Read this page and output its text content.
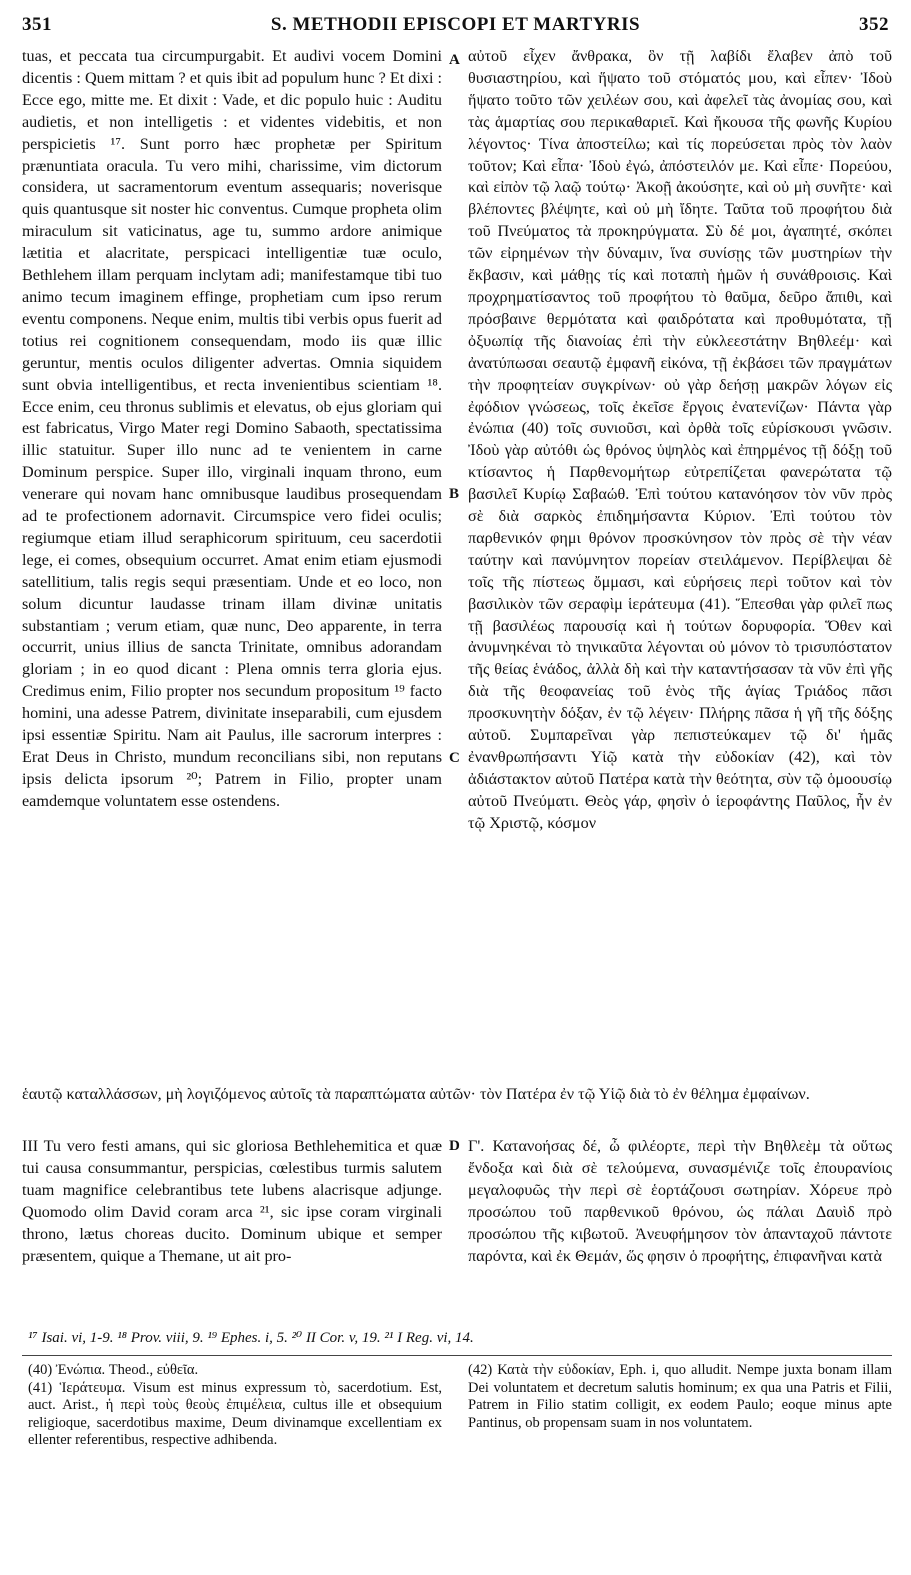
351	S. METHODII EPISCOPI ET MARTYRIS	352
A
B
C
D

tuas, et peccata tua circumpurgabit. Et audivi vocem Domini dicentis : Quem mittam ? et quis ibit ad populum hunc ? Et dixi : Ecce ego, mitte me. Et dixit : Vade, et dic populo huic : Auditu audietis, et non intelligetis : et videntes videbitis, et non perspicietis ¹⁷. Sunt porro hæc prophetæ per Spiritum prænuntiata oracula. Tu vero mihi, charissime, vim dictorum considera, ut sacramentorum eventum assequaris; noverisque quis quantusque sit noster hic conventus. Cumque propheta olim miraculum sit vaticinatus, age tu, summo ardore animique lætitia et alacritate, perspicaci intelligentiæ tuæ oculo, Bethlehem illam perquam inclytam adi; manifestamque tibi tuo animo tecum imaginem effinge, prophetiam cum ipso rerum eventu componens. Neque enim, multis tibi verbis opus fuerit ad totius rei cognitionem consequendam, modo iis quæ illic geruntur, mentis oculos diligenter advertas. Omnia siquidem sunt obvia intelligentibus, et recta invenientibus scientiam ¹⁸. Ecce enim, ceu thronus sublimis et elevatus, ob ejus gloriam qui est fabricatus, Virgo Mater regi Domino Sabaoth, spectatissima illic statuitur. Super illo nunc ad te venientem in carne Dominum perspice. Super illo, virginali inquam throno, eum venerare qui novam hanc omnibusque laudibus prosequendam ad te profectionem adornavit. Circumspice vero fidei oculis; regiumque etiam illud seraphicorum spirituum, ceu sacerdotii lege, ei comes, obsequium occurret. Amat enim etiam ejusmodi satellitium, talis regis sequi præsentiam. Unde et eo loco, non solum dicuntur laudasse trinam illam divinæ unitatis substantiam ; verum etiam, quæ nunc, Deo apparente, in terra occurrit, unius illius de sancta Trinitate, omnibus adorandam gloriam ; in eo quod dicant : Plena omnis terra gloria ejus. Credimus enim, Filio propter nos secundum propositum ¹⁹ facto homini, una adesse Patrem, divinitate inseparabili, cum ejusdem ipsi essentiæ Spiritu. Nam ait Paulus, ille sacrorum interpres : Erat Deus in Christo, mundum reconcilians sibi, non reputans ipsis delicta ipsorum ²⁰; Patrem in Filio, propter unam eamdemque voluntatem esse ostendens.

αὐτοῦ εἶχεν ἄνθρακα, ὃν τῇ λαβίδι ἔλαβεν ἀπὸ τοῦ θυσιαστηρίου, καὶ ἥψατο τοῦ στόματός μου, καὶ εἶπεν· Ἰδοὺ ἥψατο τοῦτο τῶν χειλέων σου, καὶ ἀφελεῖ τὰς ἀνομίας σου, καὶ τὰς ἁμαρτίας σου περικαθαριεῖ. Καὶ ἤκουσα τῆς φωνῆς Κυρίου λέγοντος· Τίνα ἀποστείλω; καὶ τίς πορεύσεται πρὸς τὸν λαὸν τοῦτον; Καὶ εἶπα· Ἰδοὺ ἐγώ, ἀπόστειλόν με. Καὶ εἶπε· Πορεύου, καὶ εἰπὸν τῷ λαῷ τούτῳ· Ἀκοῇ ἀκούσητε, καὶ οὐ μὴ συνῆτε· καὶ βλέποντες βλέψητε, καὶ οὐ μὴ ἴδητε. Ταῦτα τοῦ προφήτου διὰ τοῦ Πνεύματος τὰ προκηρύγματα. Σὺ δέ μοι, ἀγαπητέ, σκόπει τῶν εἰρημένων τὴν δύναμιν, ἵνα συνίσῃς τῶν μυστηρίων τὴν ἔκβασιν, καὶ μάθῃς τίς καὶ ποταπὴ ἡμῶν ἡ συνάθροισις. Καὶ προχρηματίσαντος τοῦ προφήτου τὸ θαῦμα, δεῦρο ἄπιθι, καὶ πρόσβαινε θερμότατα καὶ φαιδρότατα καὶ προθυμότατα, τῇ ὀξυωπίᾳ τῆς διανοίας ἐπὶ τὴν εὐκλεεστάτην Βηθλεέμ· καὶ ἀνατύπωσαι σεαυτῷ ἐμφανῆ εἰκόνα, τῇ ἐκβάσει τῶν πραγμάτων τὴν προφητείαν συγκρίνων· οὐ γὰρ δεήσῃ μακρῶν λόγων εἰς ἐφόδιον γνώσεως, τοῖς ἐκεῖσε ἔργοις ἐνατενίζων· Πάντα γὰρ ἐνώπια (40) τοῖς συνιοῦσι, καὶ ὀρθὰ τοῖς εὑρίσκουσι γνῶσιν. Ἰδοὺ γὰρ αὐτόθι ὡς θρόνος ὑψηλὸς καὶ ἐπηρμένος τῇ δόξῃ τοῦ κτίσαντος ἡ Παρθενομήτωρ εὐτρεπίζεται φανερώτατα τῷ βασιλεῖ Κυρίῳ Σαβαώθ. Ἐπὶ τούτου κατανόησον τὸν νῦν πρὸς σὲ διὰ σαρκὸς ἐπιδημήσαντα Κύριον. Ἐπὶ τούτου τὸν παρθενικόν φημι θρόνον προσκύνησον τὸν πρὸς σὲ τὴν νέαν ταύτην καὶ πανύμνητον πορείαν στειλάμενον. Περίβλεψαι δὲ τοῖς τῆς πίστεως ὄμμασι, καὶ εὑρήσεις περὶ τοῦτον καὶ τὸν βασιλικὸν τῶν σεραφὶμ ἱεράτευμα (41). Ἕπεσθαι γὰρ φιλεῖ πως τῇ βασιλέως παρουσίᾳ καὶ ἡ τούτων δορυφορία. Ὅθεν καὶ ἀνυμνηκέναι τὸ τηνικαῦτα λέγονται οὐ μόνον τὸ τρισυπόστατον τῆς θείας ἑνάδος, ἀλλὰ δὴ καὶ τὴν καταντήσασαν τὰ νῦν ἐπὶ γῆς διὰ τῆς θεοφανείας τοῦ ἑνὸς τῆς ἁγίας Τριάδος πᾶσι προσκυνητὴν δόξαν, ἐν τῷ λέγειν· Πλήρης πᾶσα ἡ γῆ τῆς δόξης αὐτοῦ. Συμπαρεῖναι γὰρ πεπιστεύκαμεν τῷ δι' ἡμᾶς ἐνανθρωπήσαντι Υἱῷ κατὰ τὴν εὐδοκίαν (42), καὶ τὸν ἀδιάστακτον αὐτοῦ Πατέρα κατὰ τὴν θεότητα, σὺν τῷ ὁμοουσίῳ αὐτοῦ Πνεύματι. Θεὸς γάρ, φησὶν ὁ ἱεροφάντης Παῦλος, ἦν ἐν τῷ Χριστῷ, κόσμον

ἑαυτῷ καταλλάσσων, μὴ λογιζόμενος αὐτοῖς τὰ παραπτώματα αὐτῶν· τὸν Πατέρα ἐν τῷ Υἱῷ διὰ τὸ ἐν θέλημα ἐμφαίνων.

III Tu vero festi amans, qui sic gloriosa Bethlehemitica et quæ tui causa consummantur, perspicias, cœlestibus turmis salutem tuam magnifice celebrantibus tete lubens alacrisque adjunge. Quomodo olim David coram arca ²¹, sic ipse coram virginali throno, lætus choreas ducito. Dominum ubique et semper præsentem, quique a Themane, ut ait pro-

Γ'. Κατανοήσας δέ, ὦ φιλέορτε, περὶ τὴν Βηθλεὲμ τὰ οὕτως ἔνδοξα καὶ διὰ σὲ τελούμενα, συνασμένιζε τοῖς ἐπουρανίοις μεγαλοφυῶς τὴν περὶ σὲ ἑορτάζουσι σωτηρίαν. Χόρευε πρὸ προσώπου τοῦ παρθενικοῦ θρόνου, ὡς πάλαι Δαυὶδ πρὸ προσώπου τῆς κιβωτοῦ. Ἀνευφήμησον τὸν ἁπανταχοῦ πάντοτε παρόντα, καὶ ἐκ Θεμάν, ὥς φησιν ὁ προφήτης, ἐπιφανῆναι κατὰ

¹⁷ Isai. vi, 1-9. ¹⁸ Prov. viii, 9. ¹⁹ Ephes. i, 5. ²⁰ II Cor. v, 19. ²¹ I Reg. vi, 14.

(40) Ἐνώπια. Theod., εὐθεῖα.

(41) Ἱεράτευμα. Visum est minus expressum τὸ, sacerdotium. Est, auct. Arist., ἡ περὶ τοὺς θεοὺς ἐπιμέλεια, cultus ille et obsequium religioque, sacerdotibus maxime, Deum divinamque excellentiam ex ellenter referentibus, respective adhibenda.

(42) Κατὰ τὴν εὐδοκίαν, Eph. i, quo alludit. Nempe juxta bonam illam Dei voluntatem et decretum salutis hominum; ex qua una Patris et Filii, Patrem in Filio statim colligit, ex eodem Paulo; eoque minus apte Pantinus, ob propensam suam in nos voluntatem.
